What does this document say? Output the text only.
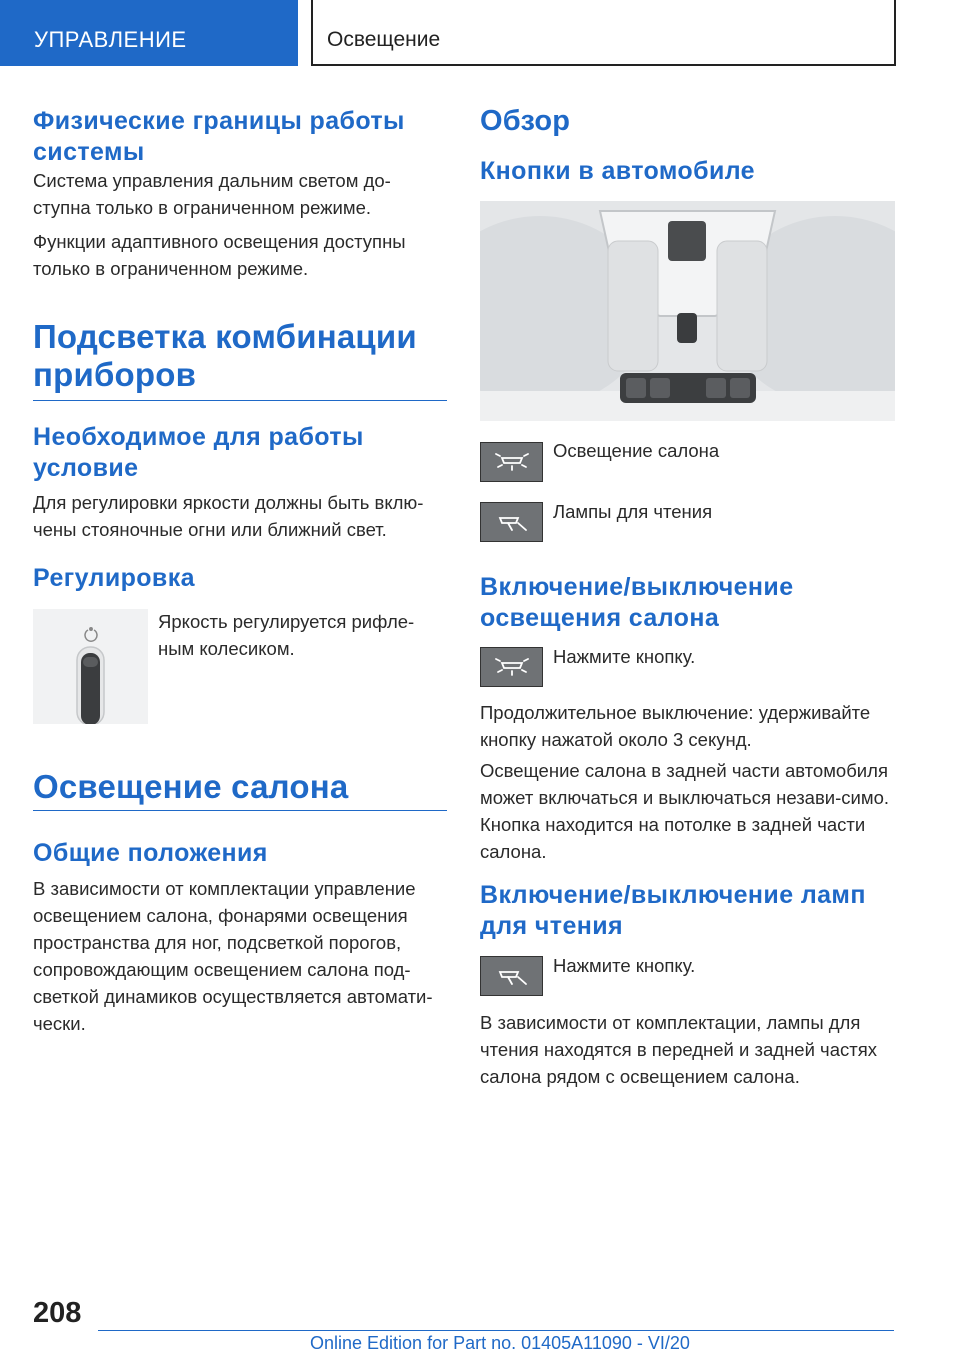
УПРАВЛЕНИЕ	Освещение
Физические границы работы системы
Система управления дальним светом до-ступна только в ограниченном режиме.
Функции адаптивного освещения доступны только в ограниченном режиме.
Подсветка комбинации приборов
Необходимое для работы условие
Для регулировки яркости должны быть вклю-чены стояночные огни или ближний свет.
Регулировка
Яркость регулируется рифле-ным колесиком.
Освещение салона
Общие положения
В зависимости от комплектации управление освещением салона, фонарями освещения пространства для ног, подсветкой порогов, сопровождающим освещением салона под-светкой динамиков осуществляется автомати-чески.
Обзор
Кнопки в автомобиле
Освещение салона
Лампы для чтения
Включение/выключение освещения салона
Нажмите кнопку.
Продолжительное выключение: удерживайте кнопку нажатой около 3 секунд.
Освещение салона в задней части автомобиля может включаться и выключаться незави-симо. Кнопка находится на потолке в задней части салона.
Включение/выключение ламп для чтения
Нажмите кнопку.
В зависимости от комплектации, лампы для чтения находятся в передней и задней частях салона рядом с освещением салона.
208
Online Edition for Part no. 01405A11090 - VI/20
